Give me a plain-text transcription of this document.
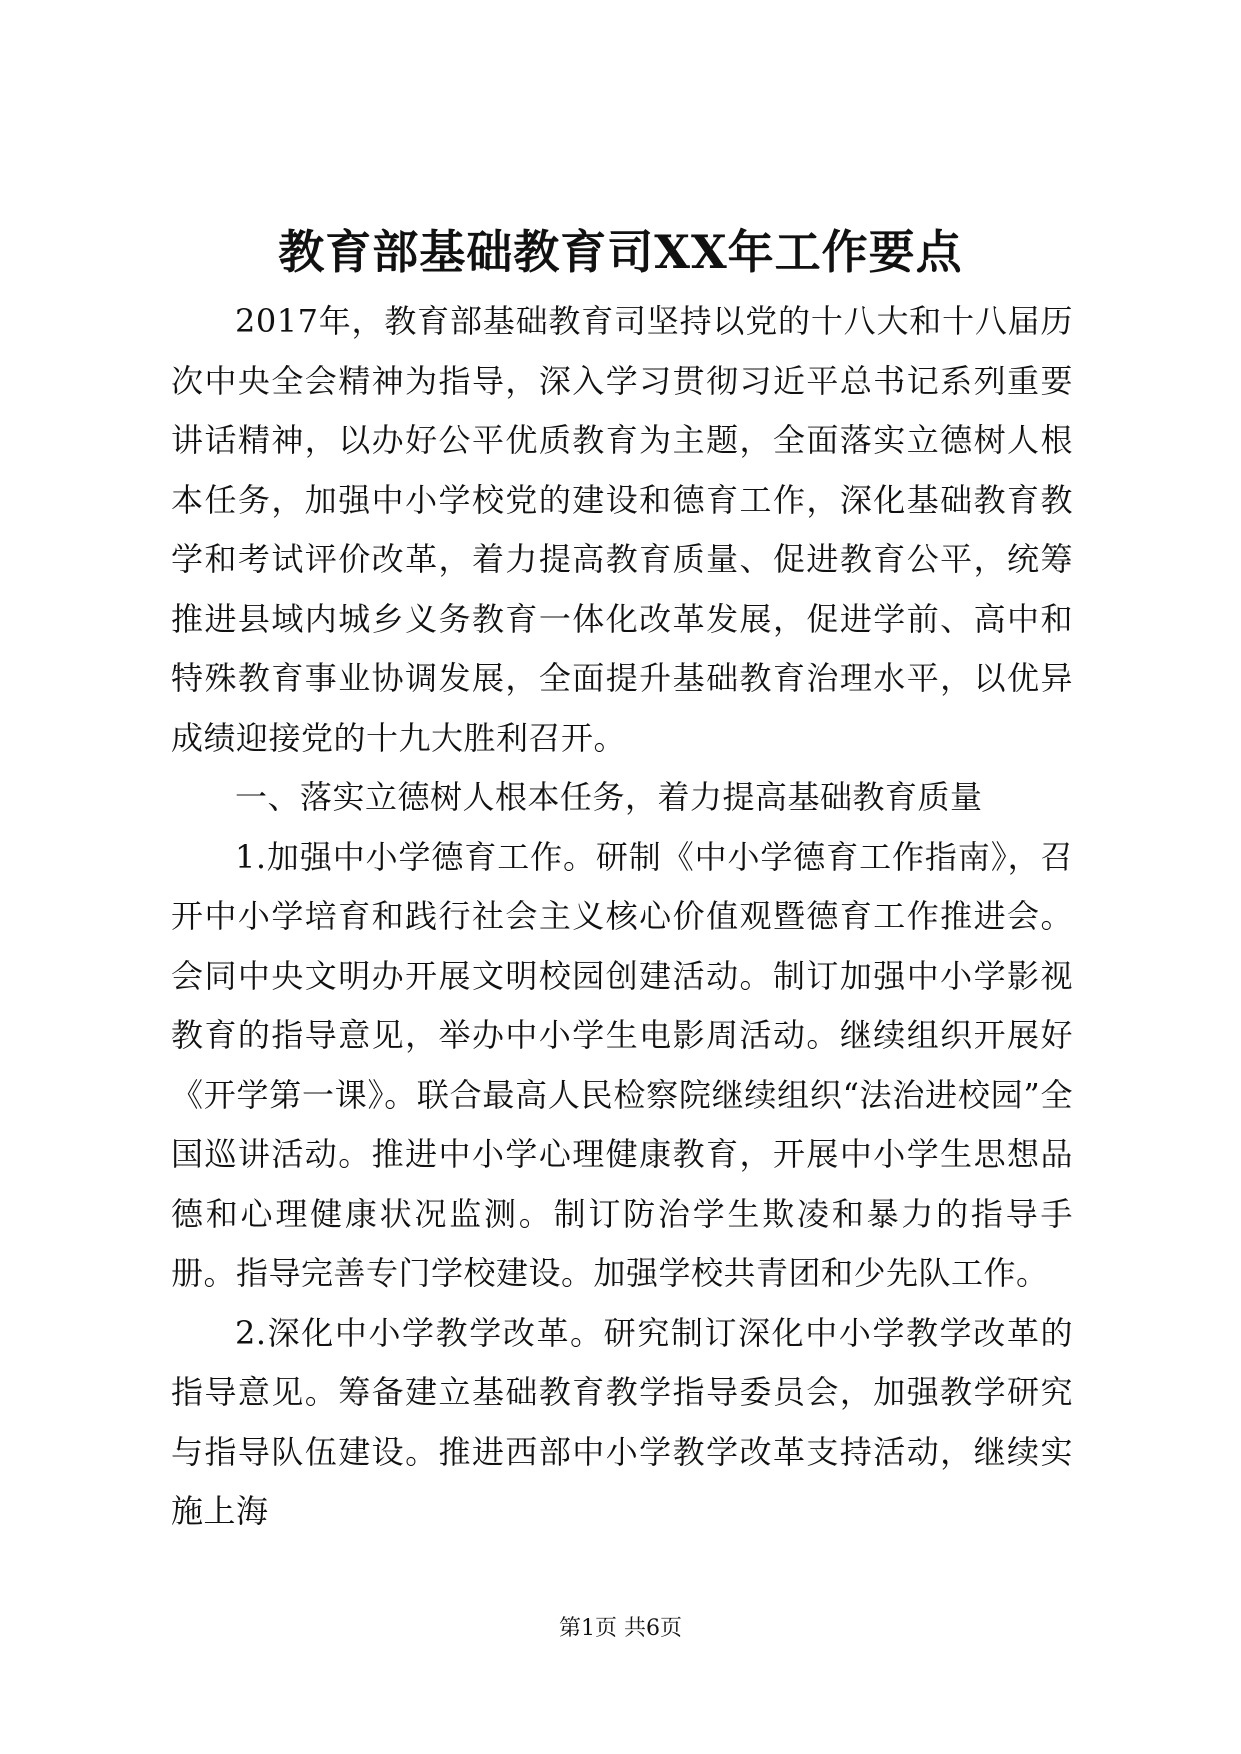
教育部基础教育司XX年工作要点

2017年，教育部基础教育司坚持以党的十八大和十八届历次中央全会精神为指导，深入学习贯彻习近平总书记系列重要讲话精神，以办好公平优质教育为主题，全面落实立德树人根本任务，加强中小学校党的建设和德育工作，深化基础教育教学和考试评价改革，着力提高教育质量、促进教育公平，统筹推进县域内城乡义务教育一体化改革发展，促进学前、高中和特殊教育事业协调发展，全面提升基础教育治理水平，以优异成绩迎接党的十九大胜利召开。

一、落实立德树人根本任务，着力提高基础教育质量

1.加强中小学德育工作。研制《中小学德育工作指南》，召开中小学培育和践行社会主义核心价值观暨德育工作推进会。会同中央文明办开展文明校园创建活动。制订加强中小学影视教育的指导意见，举办中小学生电影周活动。继续组织开展好《开学第一课》。联合最高人民检察院继续组织“法治进校园”全国巡讲活动。推进中小学心理健康教育，开展中小学生思想品德和心理健康状况监测。制订防治学生欺凌和暴力的指导手册。指导完善专门学校建设。加强学校共青团和少先队工作。

2.深化中小学教学改革。研究制订深化中小学教学改革的指导意见。筹备建立基础教育教学指导委员会，加强教学研究与指导队伍建设。推进西部中小学教学改革支持活动，继续实施上海

第1页 共6页
